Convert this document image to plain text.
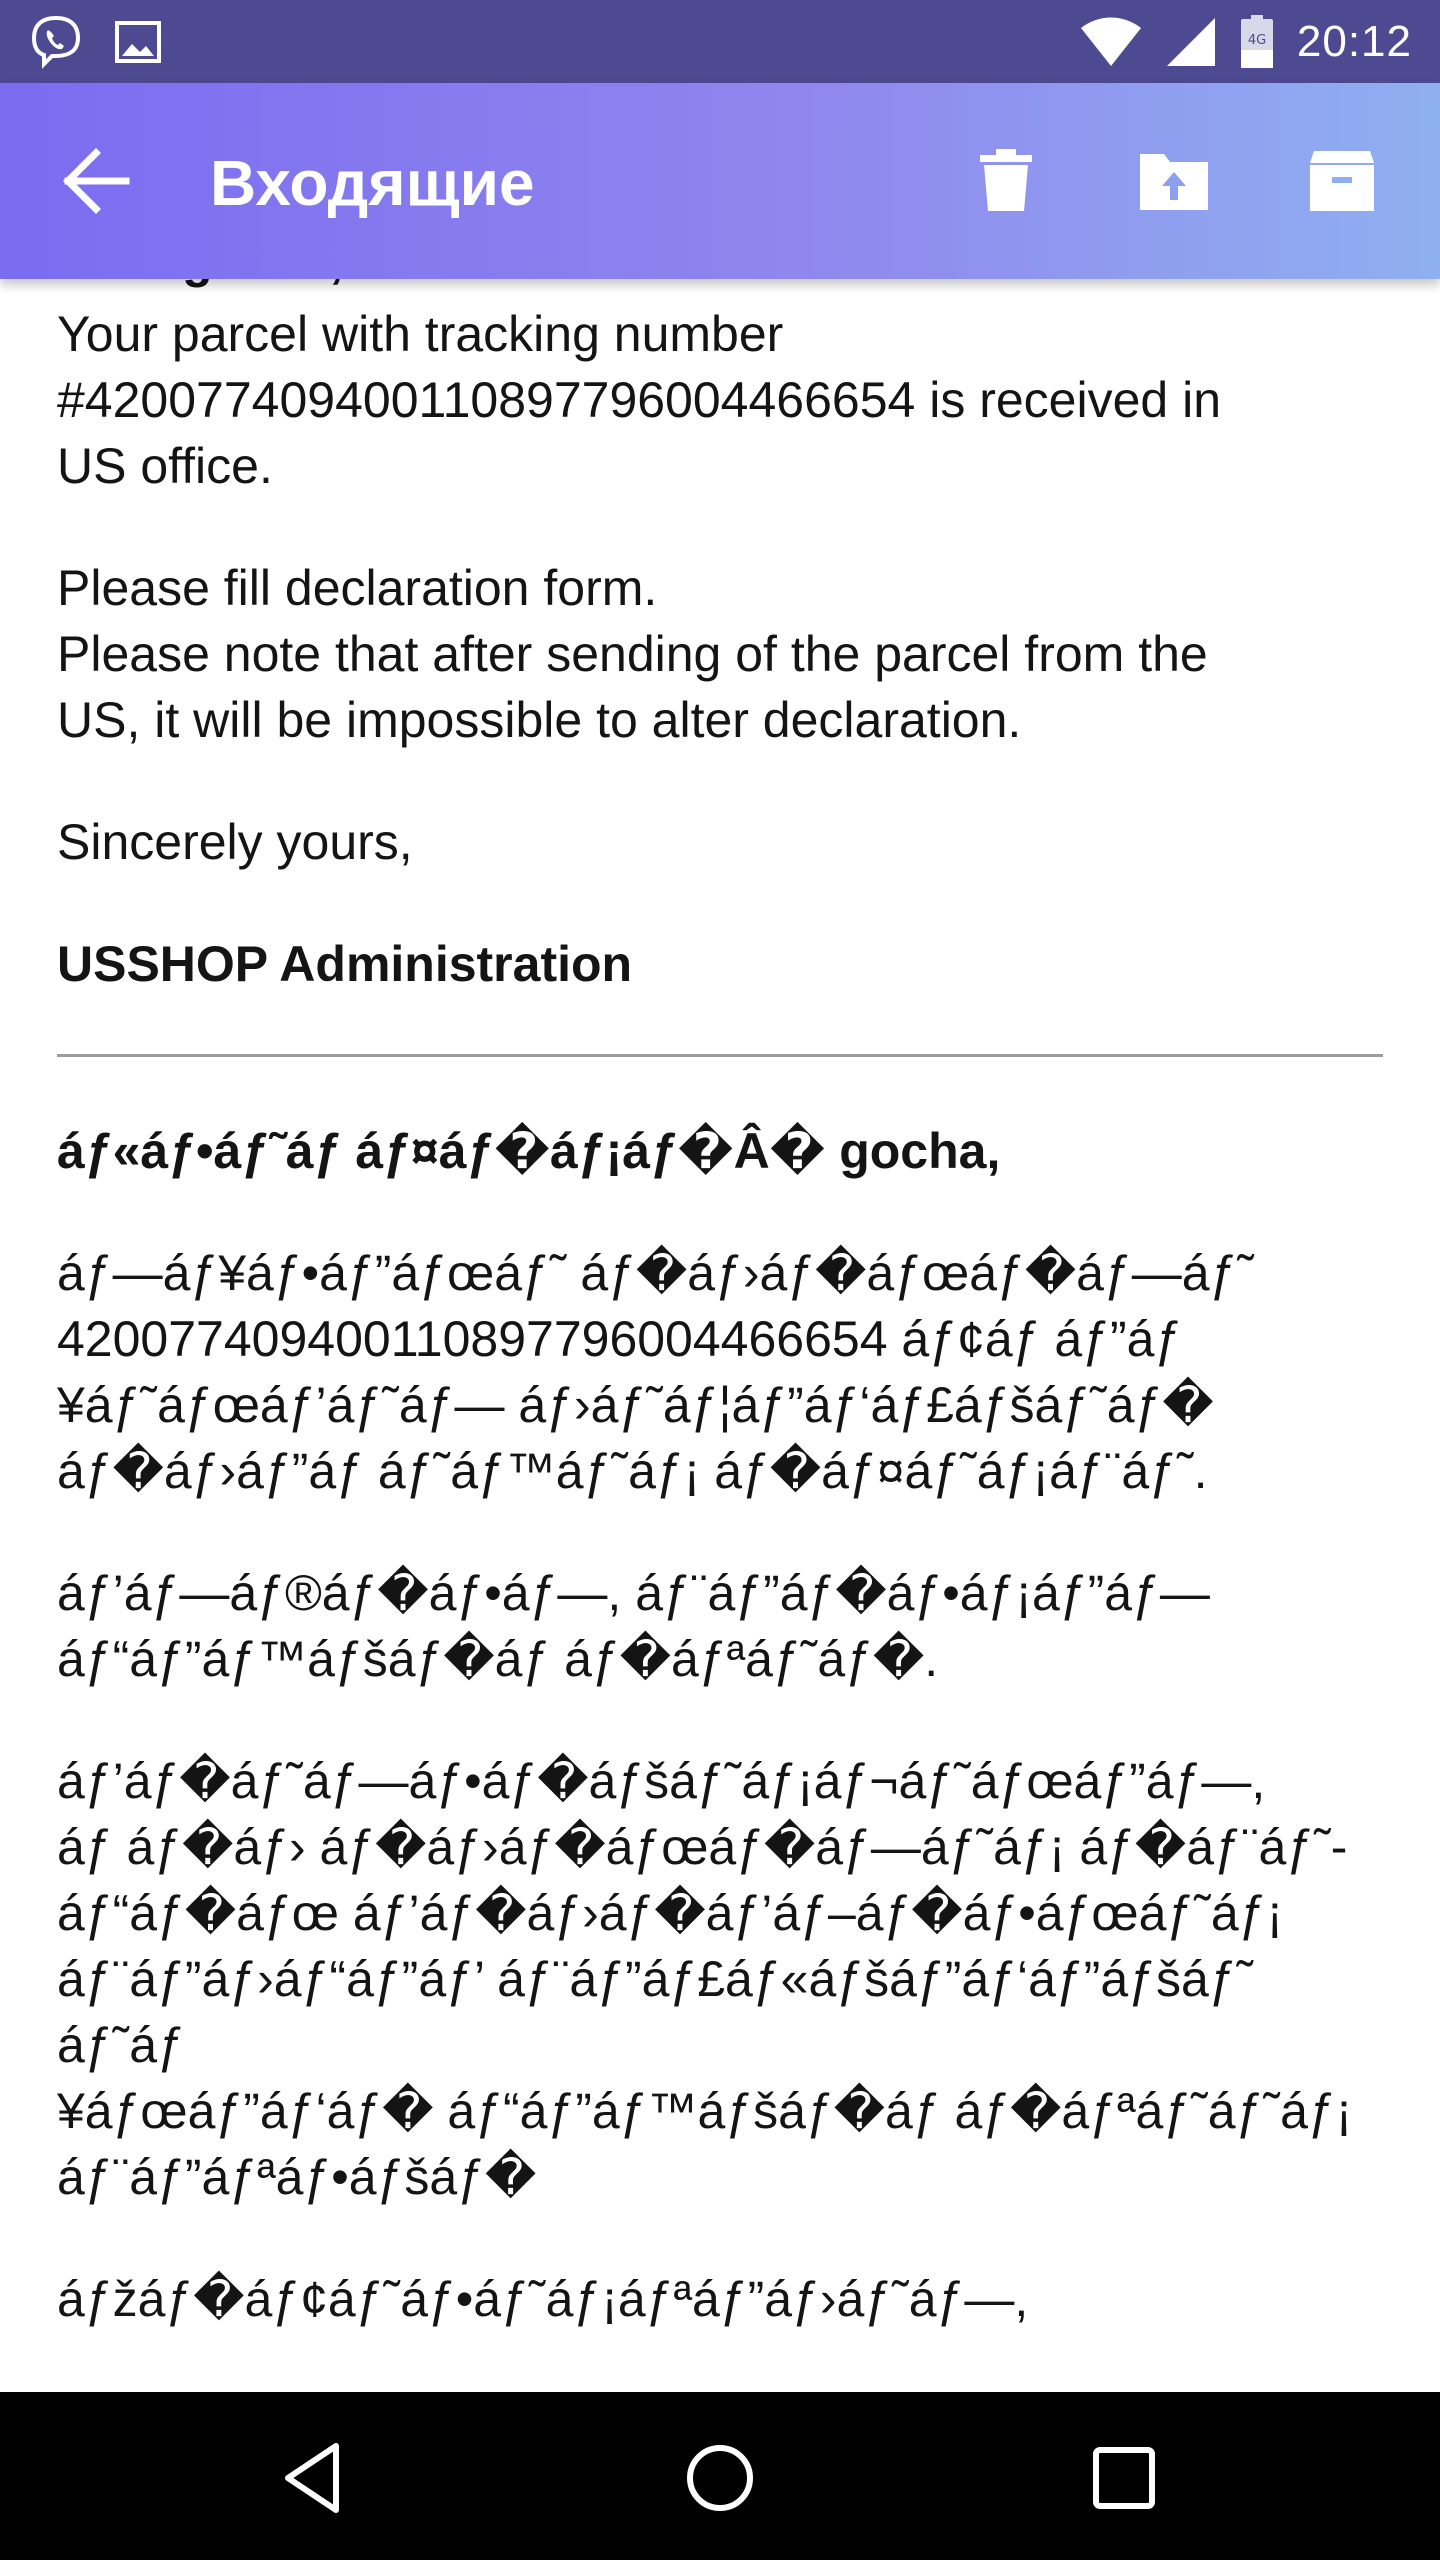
4G 20:12
Входящие

Your parcel with tracking number
#420077409400110897796004466654 is received in
US office.

Please fill declaration form.
Please note that after sending of the parcel from the
US, it will be impossible to alter declaration.

Sincerely yours,

USSHOP Administration

áƒ«áƒ•áƒ˜áƒ áƒ¤áƒ�áƒ¡áƒ�Â� gocha,

áƒ—áƒ¥áƒ•áƒ”áƒœáƒ˜ áƒ�áƒ›áƒ�áƒœáƒ�áƒ—áƒ˜
420077409400110897796004466654 áƒ¢áƒ áƒ”áƒ
¥áƒ˜áƒœáƒ’áƒ˜áƒ— áƒ›áƒ˜áƒ¦áƒ”áƒ‘áƒ£áƒšáƒ˜áƒ�
áƒ�áƒ›áƒ”áƒ áƒ˜áƒ™áƒ˜áƒ¡ áƒ�áƒ¤áƒ˜áƒ¡áƒ¨áƒ˜.

áƒ’áƒ—áƒ®áƒ�áƒ•áƒ—, áƒ¨áƒ”áƒ�áƒ•áƒ¡áƒ”áƒ—
áƒ“áƒ”áƒ™áƒšáƒ�áƒ áƒ�áƒªáƒ˜áƒ�.

áƒ’áƒ�áƒ˜áƒ—áƒ•áƒ�áƒšáƒ˜áƒ¡áƒ¬áƒ˜áƒœáƒ”áƒ—,
áƒ áƒ�áƒ› áƒ�áƒ›áƒ�áƒœáƒ�áƒ—áƒ˜áƒ¡ áƒ�áƒ¨áƒ˜-
áƒ“áƒ�áƒœ áƒ’áƒ�áƒ›áƒ�áƒ’áƒ–áƒ�áƒ•áƒœáƒ˜áƒ¡
áƒ¨áƒ”áƒ›áƒ“áƒ”áƒ’ áƒ¨áƒ”áƒ£áƒ«áƒšáƒ”áƒ‘áƒ”áƒšáƒ˜ áƒ˜áƒ
¥áƒœáƒ”áƒ‘áƒ� áƒ“áƒ”áƒ™áƒšáƒ�áƒ áƒ�áƒªáƒ˜áƒ˜áƒ¡
áƒ¨áƒ”áƒªáƒ•áƒšáƒ�

áƒžáƒ�áƒ¢áƒ˜áƒ•áƒ˜áƒ¡áƒªáƒ”áƒ›áƒ˜áƒ—,
